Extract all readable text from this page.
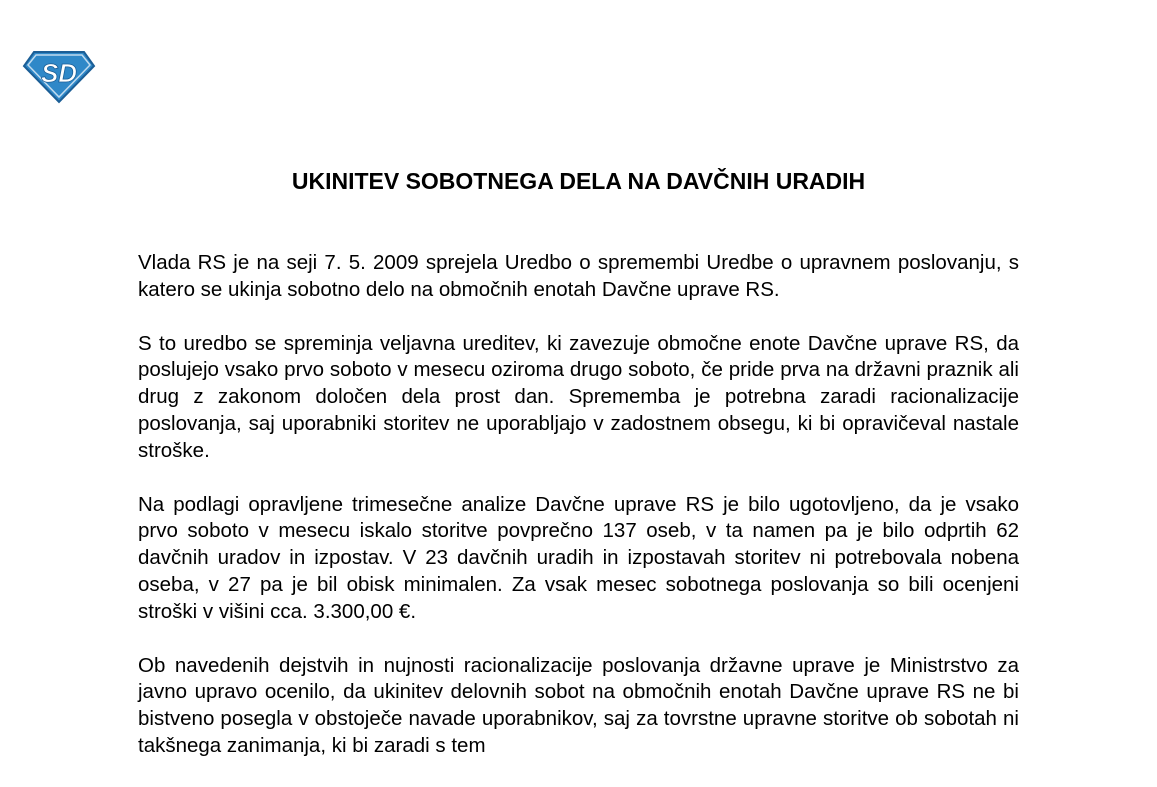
SD
UKINITEV SOBOTNEGA DELA NA DAVČNIH URADIH

Vlada RS je na seji 7. 5. 2009 sprejela Uredbo o spremembi Uredbe o upravnem poslovanju, s katero se ukinja sobotno delo na območnih enotah Davčne uprave RS.

S to uredbo se spreminja veljavna ureditev, ki zavezuje območne enote Davčne uprave RS, da poslujejo vsako prvo soboto v mesecu oziroma drugo soboto, če pride prva na državni praznik ali drug z zakonom določen dela prost dan. Sprememba je potrebna zaradi racionalizacije poslovanja, saj uporabniki storitev ne uporabljajo v zadostnem obsegu, ki bi opravičeval nastale stroške.

Na podlagi opravljene trimesečne analize Davčne uprave RS je bilo ugotovljeno, da je vsako prvo soboto v mesecu iskalo storitve povprečno 137 oseb, v ta namen pa je bilo odprtih 62 davčnih uradov in izpostav. V 23 davčnih uradih in izpostavah storitev ni potrebovala nobena oseba, v 27 pa je bil obisk minimalen. Za vsak mesec sobotnega poslovanja so bili ocenjeni stroški v višini cca. 3.300,00 €.

Ob navedenih dejstvih in nujnosti racionalizacije poslovanja državne uprave je Ministrstvo za javno upravo ocenilo, da ukinitev delovnih sobot na območnih enotah Davčne uprave RS ne bi bistveno posegla v obstoječe navade uporabnikov, saj za tovrstne upravne storitve ob sobotah ni takšnega zanimanja, ki bi zaradi s tem
